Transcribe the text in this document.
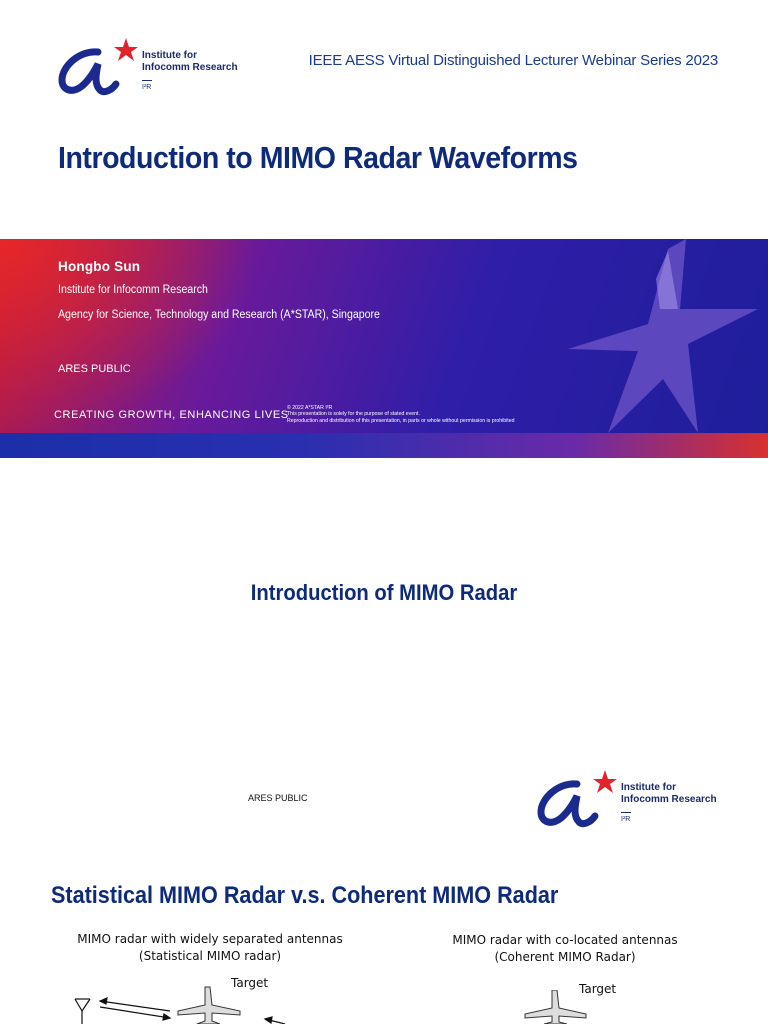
Institute for
Infocomm Research
I²R
IEEE AESS Virtual Distinguished Lecturer Webinar Series 2023
Introduction to MIMO Radar Waveforms
Hongbo Sun
Institute for Infocomm Research
Agency for Science, Technology and Research (A*STAR), Singapore
ARES PUBLIC
CREATING GROWTH, ENHANCING LIVES
© 2022 A*STAR I²R
This presentation is solely for the purpose of stated event.
Reproduction and distribution of this presentation, in parts or whole without permission is prohibited
Introduction of MIMO Radar
ARES PUBLIC
Institute for
Infocomm Research
I²R
Statistical MIMO Radar v.s. Coherent MIMO Radar
MIMO radar with widely separated antennas
(Statistical MIMO radar)
MIMO radar with co-located antennas
(Coherent MIMO Radar)
Target	Target
